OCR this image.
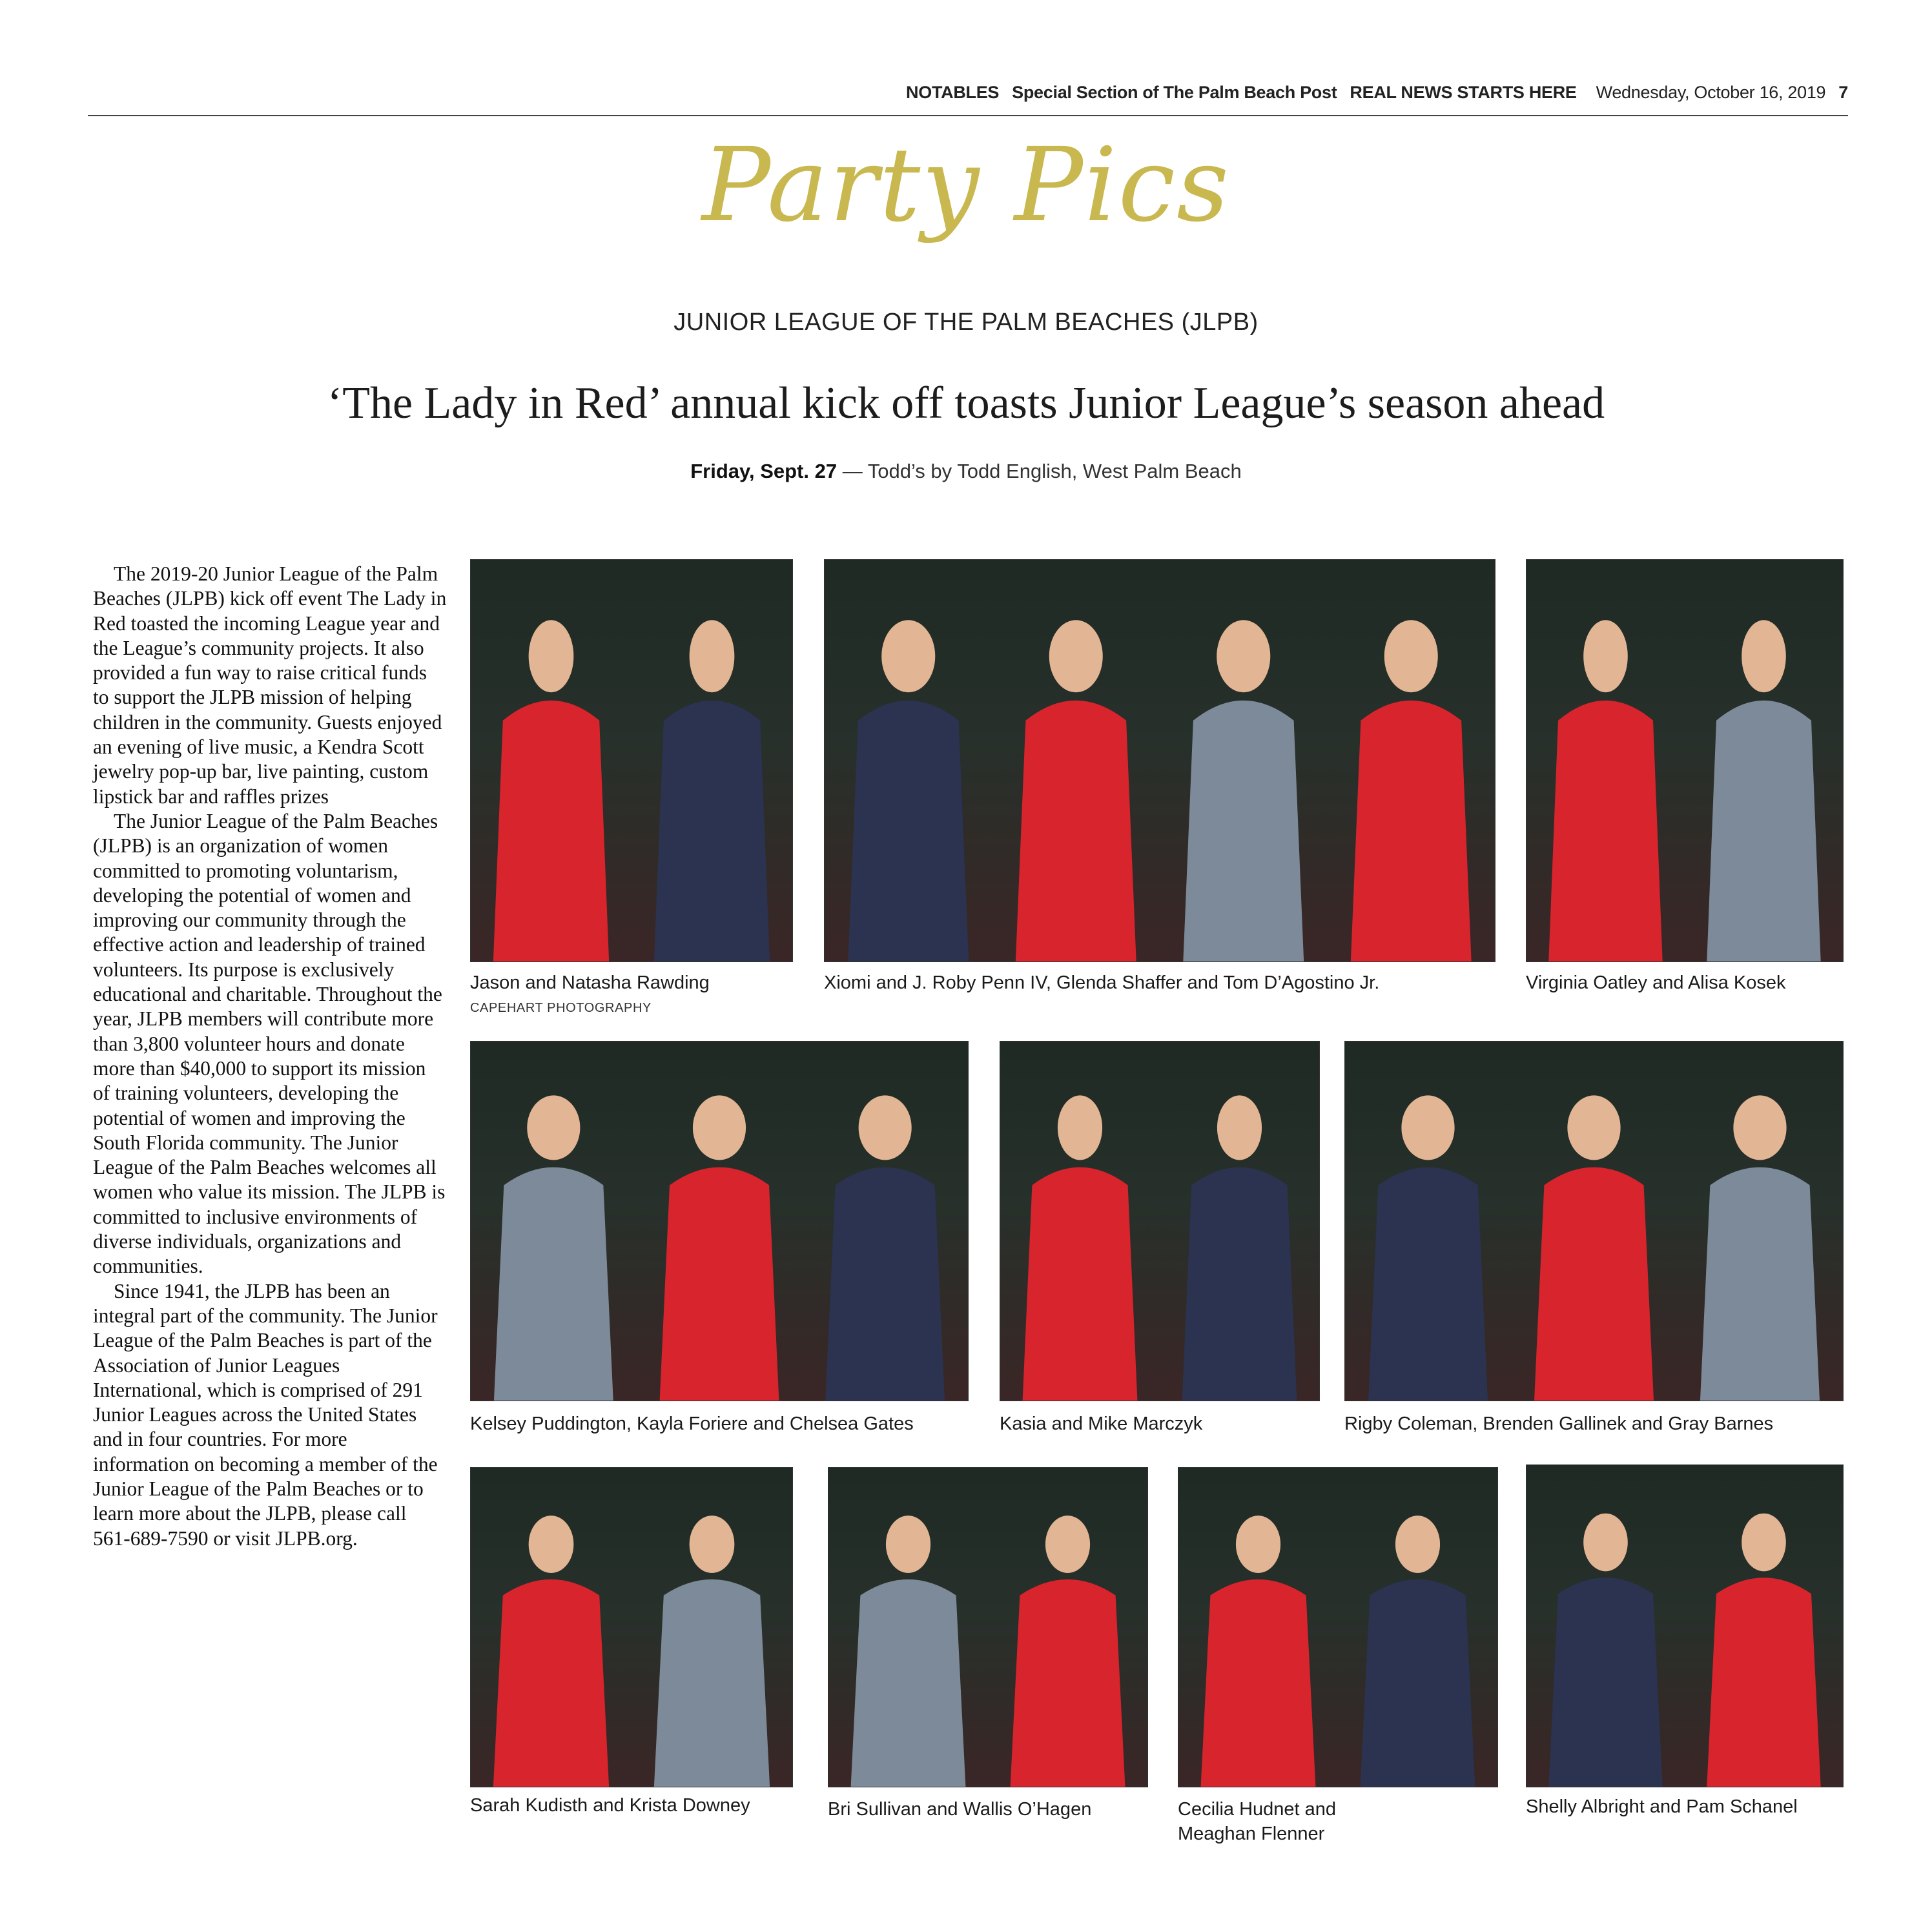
NOTABLES Special Section of The Palm Beach Post REAL NEWS STARTS HERE Wednesday, October 16, 2019 7
Party Pics
JUNIOR LEAGUE OF THE PALM BEACHES (JLPB)
‘The Lady in Red’ annual kick off toasts Junior League’s season ahead
Friday, Sept. 27 — Todd’s by Todd English, West Palm Beach

The 2019-20 Junior League of the Palm Beaches (JLPB) kick off event The Lady in Red toasted the incoming League year and the League’s community projects. It also provided a fun way to raise critical funds to support the JLPB mission of helping children in the community. Guests enjoyed an evening of live music, a Kendra Scott jewelry pop-up bar, live painting, custom lipstick bar and raffles prizes

The Junior League of the Palm Beaches (JLPB) is an organization of women committed to promoting voluntarism, developing the potential of women and improving our community through the effective action and leadership of trained volunteers. Its purpose is exclusively educational and charitable. Throughout the year, JLPB members will contribute more than 3,800 volunteer hours and donate more than $40,000 to support its mission of training volunteers, developing the potential of women and improving the South Florida community. The Junior League of the Palm Beaches welcomes all women who value its mission. The JLPB is committed to inclusive environments of diverse individuals, organizations and communities.

Since 1941, the JLPB has been an integral part of the community. The Junior League of the Palm Beaches is part of the Association of Junior Leagues International, which is comprised of 291 Junior Leagues across the United States and in four countries. For more information on becoming a member of the Junior League of the Palm Beaches or to learn more about the JLPB, please call 561-689-7590 or visit JLPB.org.

Jason and Natasha Rawding
CAPEHART PHOTOGRAPHY
Xiomi and J. Roby Penn IV, Glenda Shaffer and Tom D’Agostino Jr.	Virginia Oatley and Alisa Kosek
Kelsey Puddington, Kayla Foriere and Chelsea Gates	Kasia and Mike Marczyk	Rigby Coleman, Brenden Gallinek and Gray Barnes
Sarah Kudisth and Krista Downey	Bri Sullivan and Wallis O’Hagen	Cecilia Hudnet and
Meaghan Flenner
Shelly Albright and Pam Schanel
